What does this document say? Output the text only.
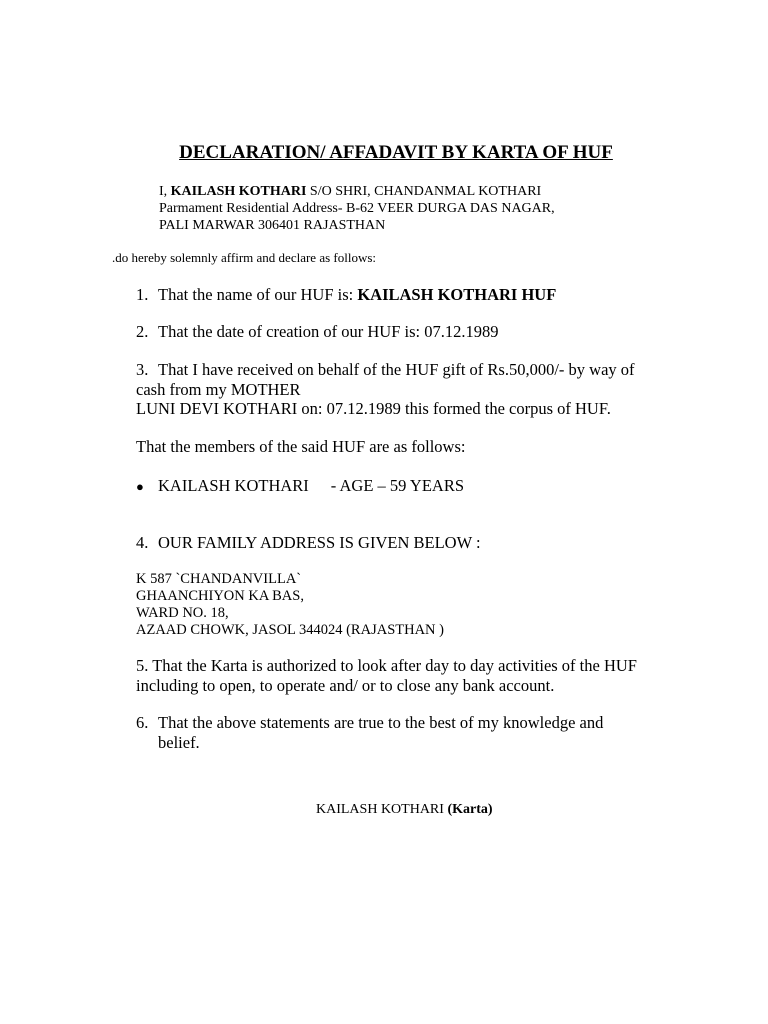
DECLARATION/ AFFADAVIT BY KARTA OF HUF
I, KAILASH KOTHARI S/O SHRI, CHANDANMAL KOTHARI
Parmament Residential Address- B-62 VEER DURGA DAS NAGAR,
PALI MARWAR 306401 RAJASTHAN
.do hereby solemnly affirm and declare as follows:
1. That the name of our HUF is: KAILASH KOTHARI HUF
2. That the date of creation of our HUF is: 07.12.1989
3. That I have received on behalf of the HUF gift of Rs.50,000/- by way of
cash from my MOTHER
LUNI DEVI KOTHARI on: 07.12.1989 this formed the corpus of HUF.
That the members of the said HUF are as follows:
● KAILASH KOTHARI - AGE – 59 YEARS
4. OUR FAMILY ADDRESS IS GIVEN BELOW :
K 587 `CHANDANVILLA`
GHAANCHIYON KA BAS,
WARD NO. 18,
AZAAD CHOWK, JASOL 344024 (RAJASTHAN )
5. That the Karta is authorized to look after day to day activities of the HUF
including to open, to operate and/ or to close any bank account.
6. That the above statements are true to the best of my knowledge and
belief.
KAILASH KOTHARI (Karta)
